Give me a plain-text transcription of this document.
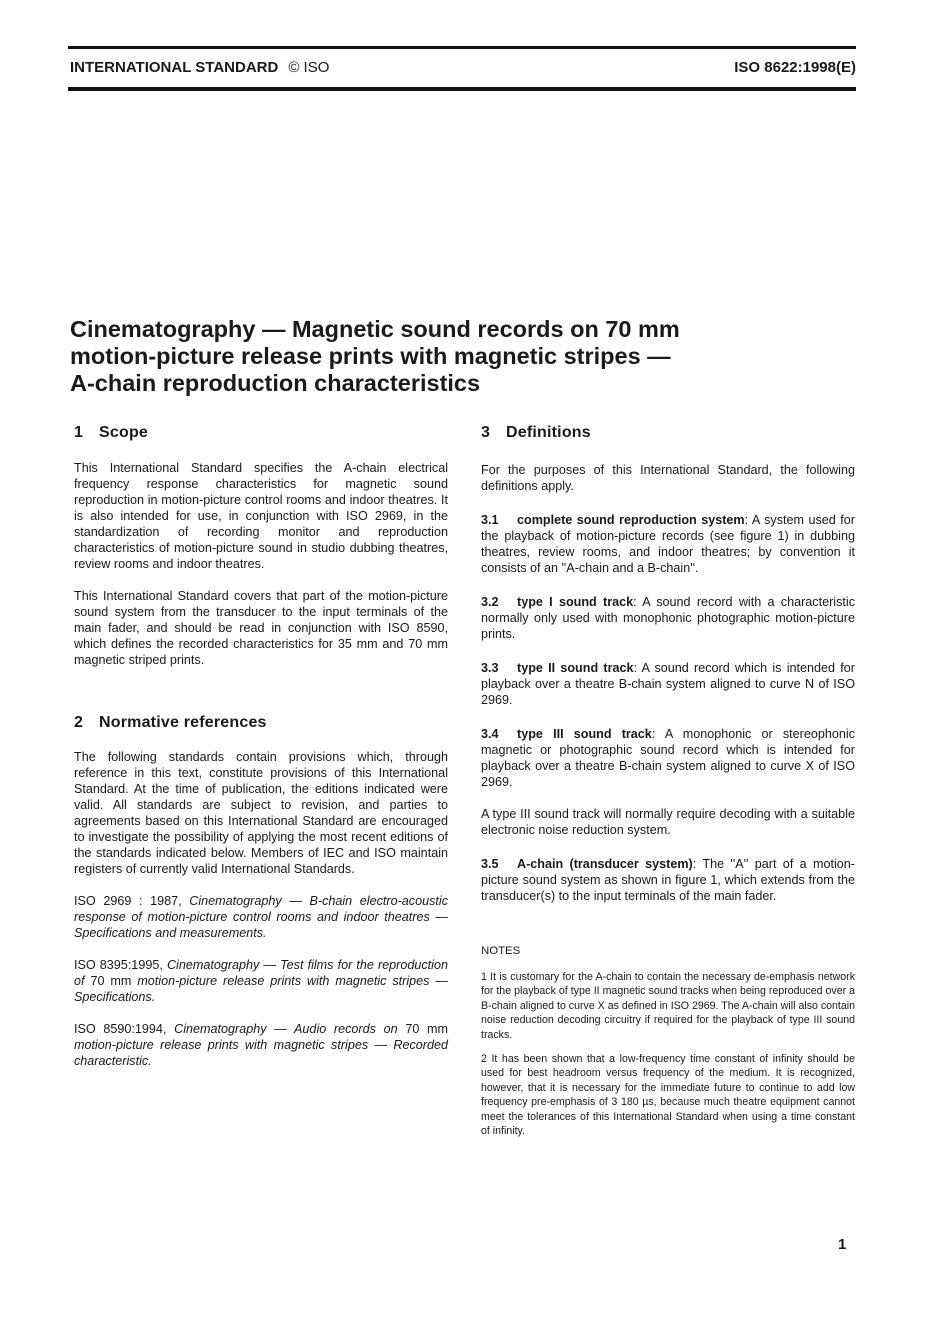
INTERNATIONAL STANDARD © ISO	ISO 8622:1998(E)
Cinematography — Magnetic sound records on 70 mm
motion-picture release prints with magnetic stripes —
A-chain reproduction characteristics
1 Scope

This International Standard specifies the A-chain electrical frequency response characteristics for magnetic sound reproduction in motion-picture control rooms and indoor theatres. It is also intended for use, in conjunction with ISO 2969, in the standardization of recording monitor and reproduction characteristics of motion-picture sound in studio dubbing theatres, review rooms and indoor theatres.

This International Standard covers that part of the motion-picture sound system from the transducer to the input terminals of the main fader, and should be read in conjunction with ISO 8590, which defines the recorded characteristics for 35 mm and 70 mm magnetic striped prints.

2 Normative references

The following standards contain provisions which, through reference in this text, constitute provisions of this International Standard. At the time of publication, the editions indicated were valid. All standards are subject to revision, and parties to agreements based on this International Standard are encouraged to investigate the possibility of applying the most recent editions of the standards indicated below. Members of IEC and ISO maintain registers of currently valid International Standards.

ISO 2969 : 1987, Cinematography — B-chain electro-acoustic response of motion-picture control rooms and indoor theatres — Specifications and measurements.

ISO 8395:1995, Cinematography — Test films for the reproduction of 70 mm motion-picture release prints with magnetic stripes — Specifications.

ISO 8590:1994, Cinematography — Audio records on 70 mm motion-picture release prints with magnetic stripes — Recorded characteristic.

3 Definitions

For the purposes of this International Standard, the following definitions apply.

3.1 complete sound reproduction system: A system used for the playback of motion-picture records (see figure 1) in dubbing theatres, review rooms, and indoor theatres; by convention it consists of an ''A-chain and a B-chain''.

3.2 type I sound track: A sound record with a characteristic normally only used with monophonic photographic motion-picture prints.

3.3 type II sound track: A sound record which is intended for playback over a theatre B-chain system aligned to curve N of ISO 2969.

3.4 type III sound track: A monophonic or stereophonic magnetic or photographic sound record which is intended for playback over a theatre B-chain system aligned to curve X of ISO 2969.

A type III sound track will normally require decoding with a suitable electronic noise reduction system.

3.5 A-chain (transducer system): The ''A'' part of a motion-picture sound system as shown in figure 1, which extends from the transducer(s) to the input terminals of the main fader.

NOTES

1 It is customary for the A-chain to contain the necessary de-emphasis network for the playback of type II magnetic sound tracks when being reproduced over a B-chain aligned to curve X as defined in ISO 2969. The A-chain will also contain noise reduction decoding circuitry if required for the playback of type III sound tracks.

2 It has been shown that a low-frequency time constant of infinity should be used for best headroom versus frequency of the medium. It is recognized, however, that it is necessary for the immediate future to continue to add low frequency pre-emphasis of 3 180 µs, because much theatre equipment cannot meet the tolerances of this International Standard when using a time constant of infinity.

1
